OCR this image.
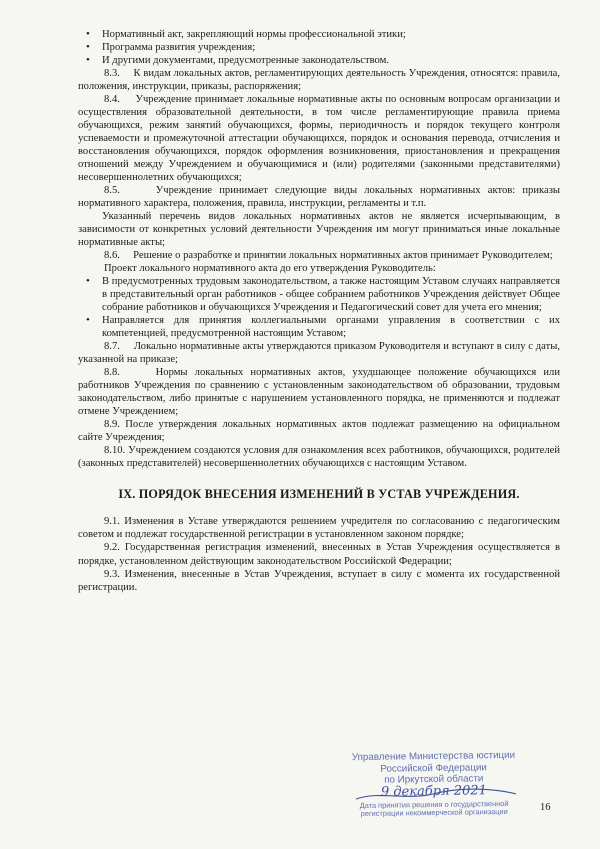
• Нормативный акт, закрепляющий нормы профессиональной этики;

• Программа развития учреждения;

• И другими документами, предусмотренные законодательством.

8.3.     К видам локальных актов, регламентирующих деятельность Учреждения, относятся: правила, положения, инструкции, приказы, распоряжения;

8.4.     Учреждение принимает локальные нормативные акты по основным вопросам организации и осуществления образовательной деятельности, в том числе регламентирующие правила приема обучающихся, режим занятий обучающихся, формы, периодичность и порядок текущего контроля успеваемости и промежуточной аттестации обучающихся, порядок и основания перевода, отчисления и восстановления обучающихся, порядок оформления возникновения, приостановления и прекращения отношений между Учреждением и обучающимися и (или) родителями (законными представителями) несовершеннолетних обучающихся;

8.5.     Учреждение принимает следующие виды локальных нормативных актов: приказы нормативного характера, положения, правила, инструкции, регламенты и т.п.

Указанный перечень видов локальных нормативных актов не является исчерпывающим, в зависимости от конкретных условий деятельности Учреждения им могут приниматься иные локальные нормативные акты;

8.6.     Решение о разработке и принятии локальных нормативных актов принимает Руководителем;

Проект локального нормативного акта до его утверждения Руководитель:

• В предусмотренных трудовым законодательством, а также настоящим Уставом случаях направляется в представительный орган работников - общее собранием работников Учреждения действует Общее собрание работников и обучающихся Учреждения и Педагогический совет для учета его мнения;

• Направляется для принятия коллегиальными органами управления в соответствии с их компетенцией, предусмотренной настоящим Уставом;

8.7.     Локально нормативные акты утверждаются приказом Руководителя и вступают в силу с даты, указанной на приказе;

8.8.     Нормы локальных нормативных актов, ухудшающее положение обучающихся или работников Учреждения по сравнению с установленным законодательством об образовании, трудовым законодательством, либо принятые с нарушением установленного порядка, не применяются и подлежат отмене Учреждением;

8.9. После утверждения локальных нормативных актов подлежат размещению на официальном сайте Учреждения;

8.10. Учреждением создаются условия для ознакомления всех работников, обучающихся, родителей (законных представителей) несовершеннолетних обучающихся с настоящим Уставом.

IX. ПОРЯДОК ВНЕСЕНИЯ ИЗМЕНЕНИЙ В УСТАВ УЧРЕЖДЕНИЯ.

9.1. Изменения в Уставе утверждаются решением учредителя по согласованию с педагогическим советом и подлежат государственной регистрации в установленном законом порядке;

9.2. Государственная регистрация изменений, внесенных в Устав Учреждения осуществляется в порядке, установленном действующим законодательством Российской Федерации;

9.3. Изменения, внесенные в Устав Учреждения, вступает в силу с момента их государственной регистрации.

Управление Министерства юстиции
Российской Федерации
по Иркутской области
9 декабря 2021
Дата принятия решения о государственной
регистрации некоммерческой организации	16
